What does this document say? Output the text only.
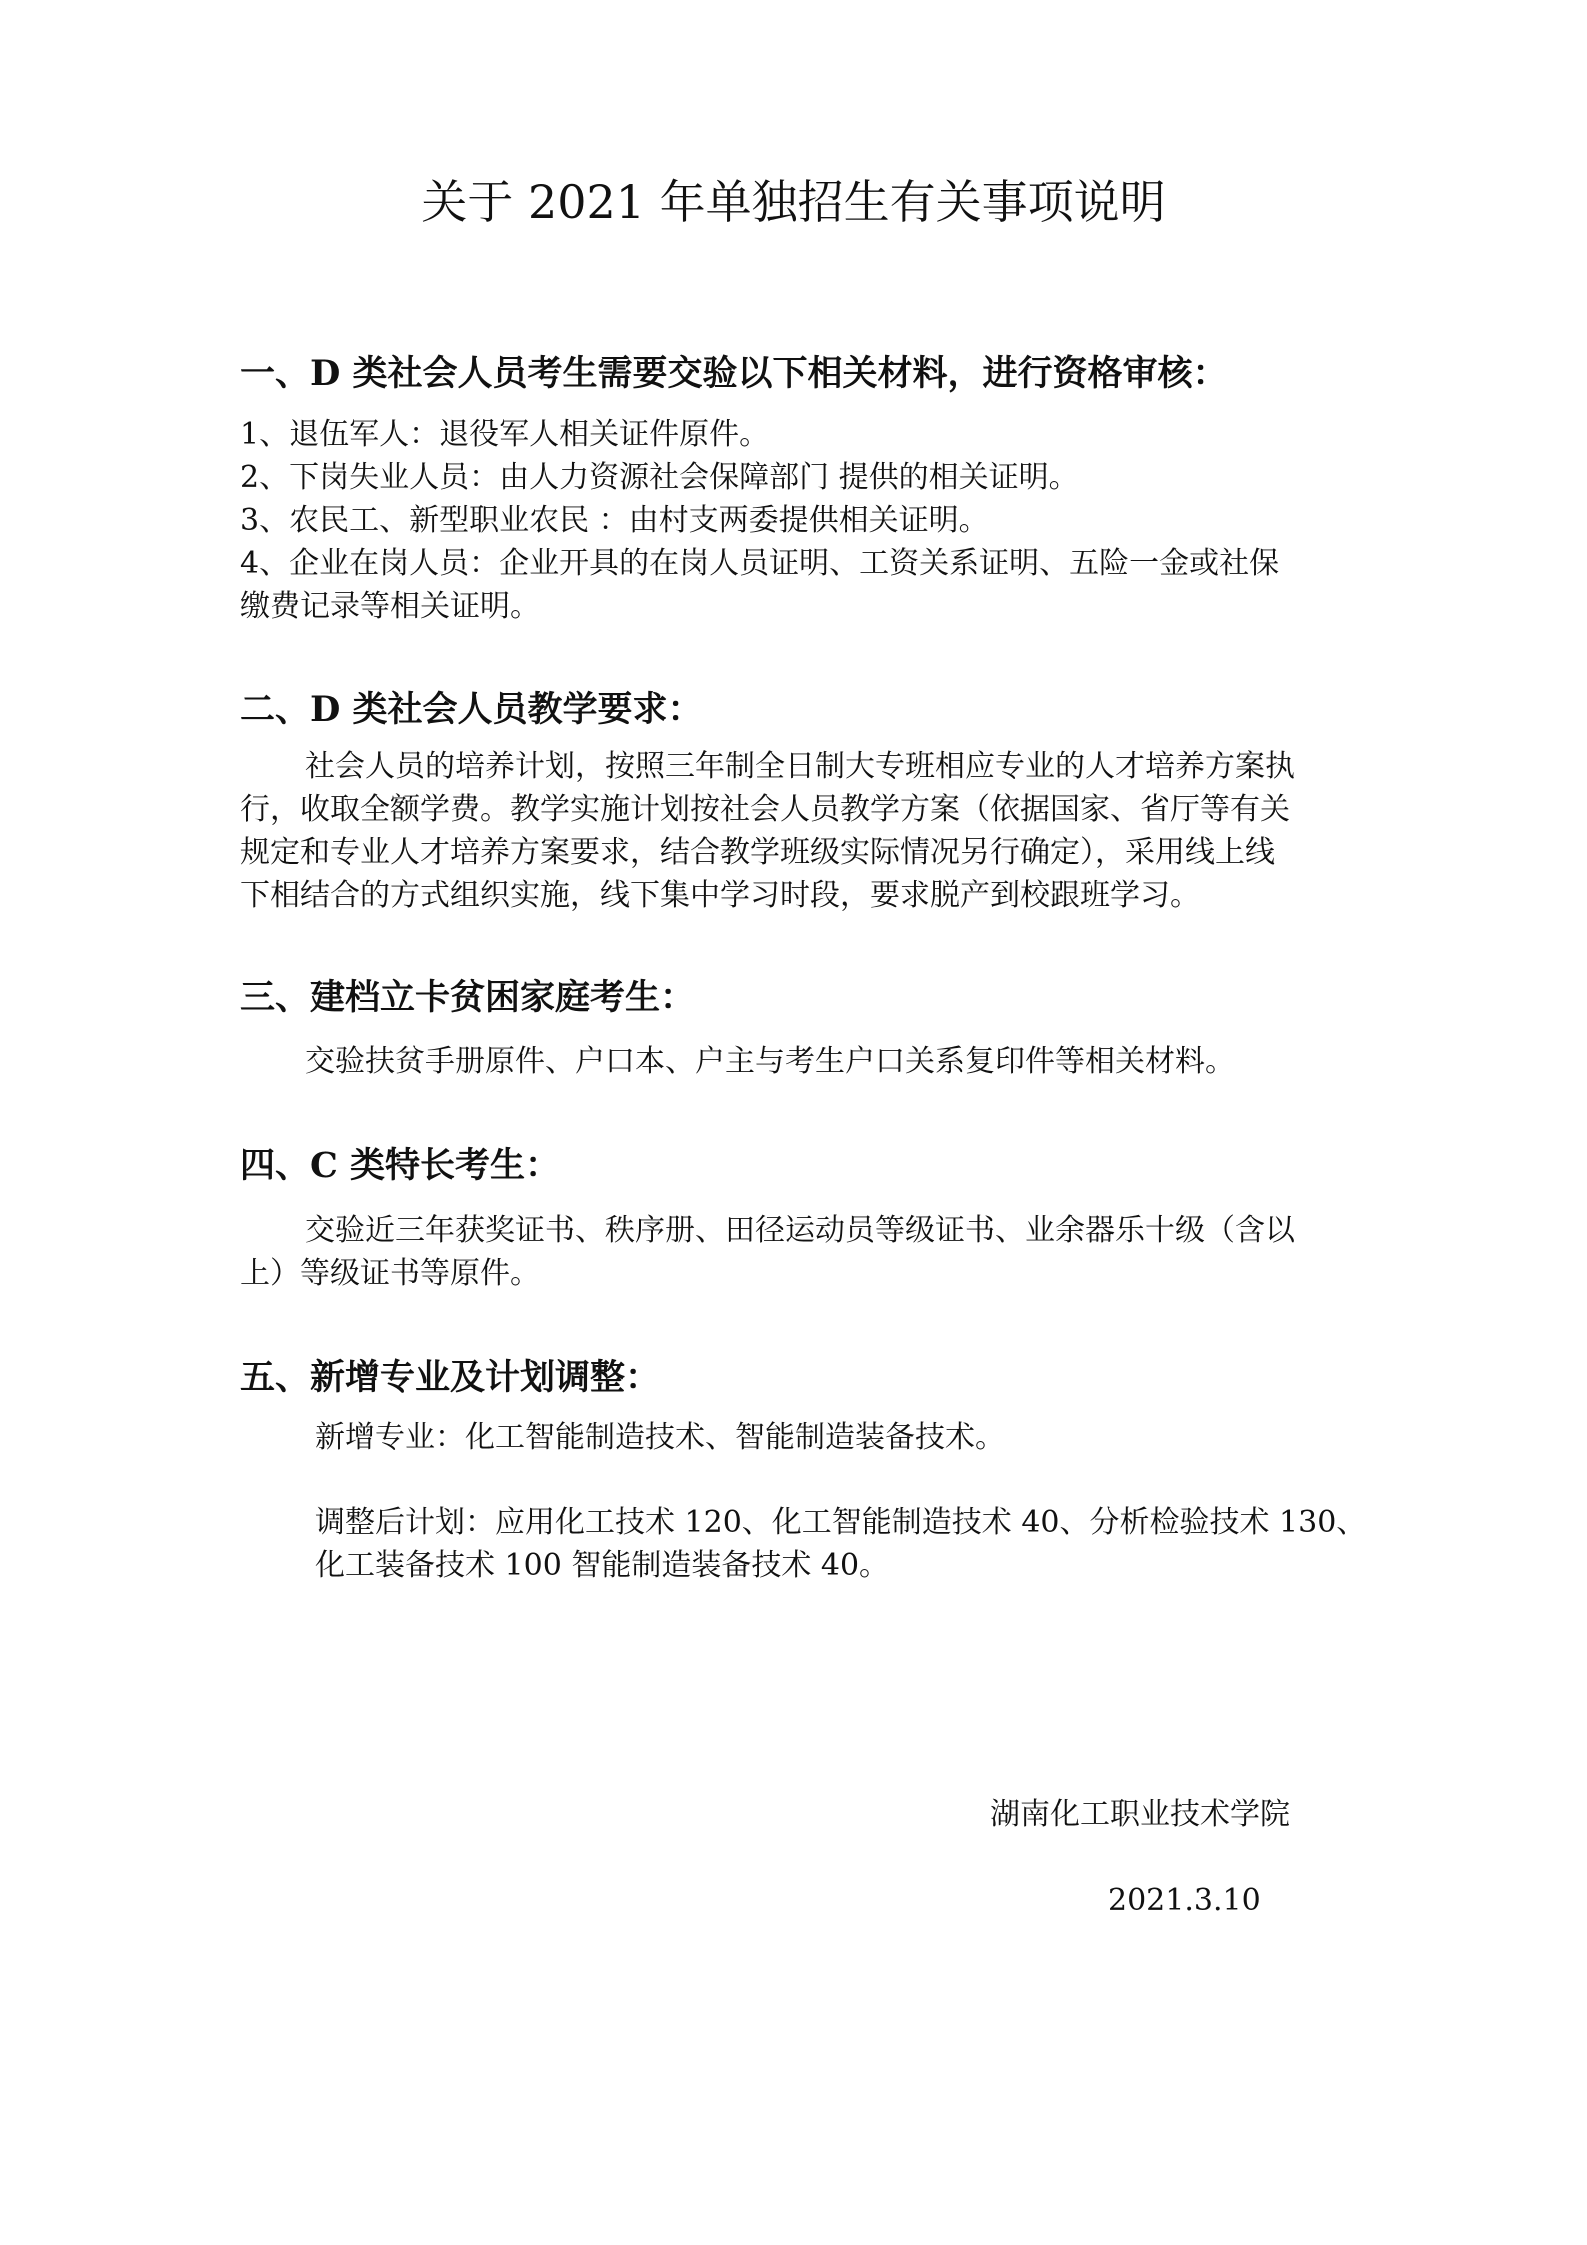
关于 2021 年单独招生有关事项说明
一、D 类社会人员考生需要交验以下相关材料，进行资格审核：

1、退伍军人：退役军人相关证件原件。

2、下岗失业人员：由人力资源社会保障部门 提供的相关证明。

3、农民工、新型职业农民 ：由村支两委提供相关证明。

4、企业在岗人员：企业开具的在岗人员证明、工资关系证明、五险一金或社保

缴费记录等相关证明。

二、D 类社会人员教学要求：

社会人员的培养计划，按照三年制全日制大专班相应专业的人才培养方案执

行，收取全额学费。教学实施计划按社会人员教学方案（依据国家、省厅等有关

规定和专业人才培养方案要求，结合教学班级实际情况另行确定），采用线上线

下相结合的方式组织实施，线下集中学习时段，要求脱产到校跟班学习。

三、建档立卡贫困家庭考生：

交验扶贫手册原件、户口本、户主与考生户口关系复印件等相关材料。

四、C 类特长考生：

交验近三年获奖证书、秩序册、田径运动员等级证书、业余器乐十级（含以

上）等级证书等原件。

五、新增专业及计划调整：

新增专业：化工智能制造技术、智能制造装备技术。

调整后计划：应用化工技术 120、化工智能制造技术 40、分析检验技术 130、

化工装备技术 100 智能制造装备技术 40。

湖南化工职业技术学院
2021.3.10
